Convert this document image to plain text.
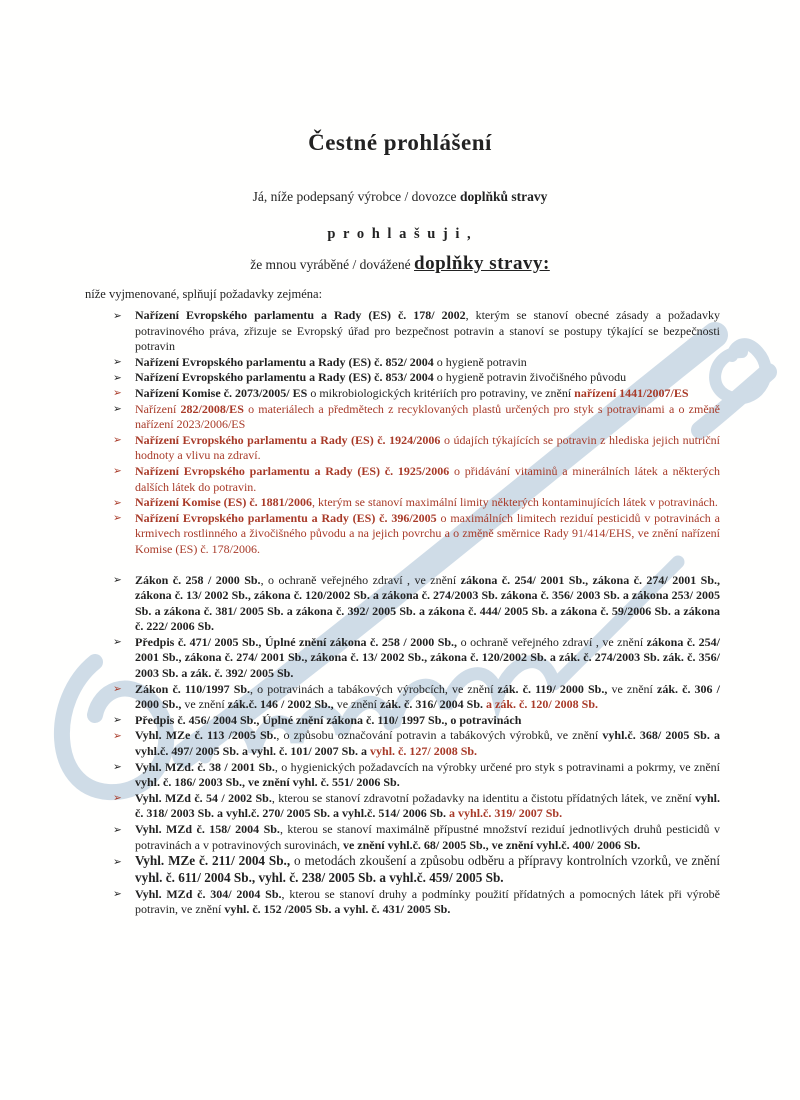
Čestné prohlášení

Já, níže podepsaný výrobce / dovozce doplňků stravy

p r o h l a š u j i ,

že mnou vyráběné / dovážené doplňky stravy:

níže vyjmenované, splňují požadavky zejména:

➢ Nařízení Evropského parlamentu a Rady (ES) č. 178/ 2002, kterým se stanoví obecné zásady a požadavky potravinového práva, zřizuje se Evropský úřad pro bezpečnost potravin a stanoví se postupy týkající se bezpečnosti potravin
➢ Nařízení Evropského parlamentu a Rady (ES) č. 852/ 2004 o hygieně potravin
➢ Nařízení Evropského parlamentu a Rady (ES) č. 853/ 2004 o hygieně potravin živočišného původu
➢ Nařízení Komise č. 2073/2005/ ES o mikrobiologických kritériích pro potraviny, ve znění nařízení 1441/2007/ES
➢ Nařízení 282/2008/ES o materiálech a předmětech z recyklovaných plastů určených pro styk s potravinami a o změně nařízení 2023/2006/ES
➢ Nařízení Evropského parlamentu a Rady (ES) č. 1924/2006 o údajích týkajících se potravin z hlediska jejich nutriční hodnoty a vlivu na zdraví.
➢ Nařízení Evropského parlamentu a Rady (ES) č. 1925/2006 o přidávání vitaminů a minerálních látek a některých dalších látek do potravin.
➢ Nařízení Komise (ES) č. 1881/2006, kterým se stanoví maximální limity některých kontaminujících látek v potravinách.
➢ Nařízení Evropského parlamentu a Rady (ES) č. 396/2005 o maximálních limitech reziduí pesticidů v potravinách a krmivech rostlinného a živočišného původu a na jejich povrchu a o změně směrnice Rady 91/414/EHS, ve znění nařízení Komise (ES) č. 178/2006.
➢ Zákon č. 258 / 2000 Sb., o ochraně veřejného zdraví , ve znění zákona č. 254/ 2001 Sb., zákona č. 274/ 2001 Sb., zákona č. 13/ 2002 Sb., zákona č. 120/2002 Sb. a zákona č. 274/2003 Sb. zákona č. 356/ 2003 Sb. a zákona 253/ 2005 Sb. a zákona č. 381/ 2005 Sb. a zákona č. 392/ 2005 Sb. a zákona č. 444/ 2005 Sb. a zákona č. 59/2006 Sb. a zákona č. 222/ 2006 Sb.
➢ Předpis č. 471/ 2005 Sb., Úplné znění zákona č. 258 / 2000 Sb., o ochraně veřejného zdraví , ve znění zákona č. 254/ 2001 Sb., zákona č. 274/ 2001 Sb., zákona č. 13/ 2002 Sb., zákona č. 120/2002 Sb. a zák. č. 274/2003 Sb. zák. č. 356/ 2003 Sb. a zák. č. 392/ 2005 Sb.
➢ Zákon č. 110/1997 Sb., o potravinách a tabákových výrobcích, ve znění zák. č. 119/ 2000 Sb., ve znění zák. č. 306 / 2000 Sb., ve znění zák.č. 146 / 2002 Sb., ve znění zák. č. 316/ 2004 Sb. a zák. č. 120/ 2008 Sb.
➢ Předpis č. 456/ 2004 Sb., Úplné znění zákona č. 110/ 1997 Sb., o potravinách
➢ Vyhl. MZe č. 113 /2005 Sb., o způsobu označování potravin a tabákových výrobků, ve znění vyhl.č. 368/ 2005 Sb. a vyhl.č. 497/ 2005 Sb. a vyhl. č. 101/ 2007 Sb. a vyhl. č. 127/ 2008 Sb.
➢ Vyhl. MZd. č. 38 / 2001 Sb., o hygienických požadavcích na výrobky určené pro styk s potravinami a pokrmy, ve znění vyhl. č. 186/ 2003 Sb., ve znění vyhl. č. 551/ 2006 Sb.
➢ Vyhl. MZd č. 54 / 2002 Sb., kterou se stanoví zdravotní požadavky na identitu a čistotu přídatných látek, ve znění vyhl. č. 318/ 2003 Sb. a vyhl.č. 270/ 2005 Sb. a vyhl.č. 514/ 2006 Sb. a vyhl.č. 319/ 2007 Sb.
➢ Vyhl. MZd č. 158/ 2004 Sb., kterou se stanoví maximálně přípustné množství reziduí jednotlivých druhů pesticidů v potravinách a v potravinových surovinách, ve znění vyhl.č. 68/ 2005 Sb., ve znění vyhl.č. 400/ 2006 Sb.
➢ Vyhl. MZe č. 211/ 2004 Sb., o metodách zkoušení a způsobu odběru a přípravy kontrolních vzorků, ve znění vyhl. č. 611/ 2004 Sb., vyhl. č. 238/ 2005 Sb. a vyhl.č. 459/ 2005 Sb.
➢ Vyhl. MZd č. 304/ 2004 Sb., kterou se stanoví druhy a podmínky použití přídatných a pomocných látek při výrobě potravin, ve znění vyhl. č. 152 /2005 Sb. a vyhl. č. 431/ 2005 Sb.
